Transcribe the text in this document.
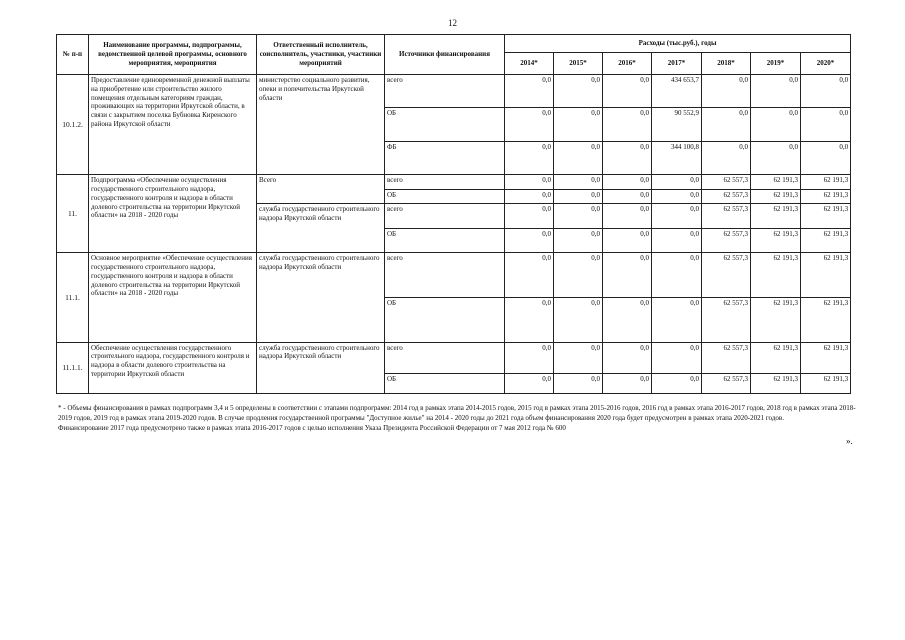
12
№ п-п	Наименование программы, подпрограммы, ведомственной целевой программы, основного мероприятия, мероприятия	Ответственный исполнитель, соисполнитель, участники, участники мероприятий	Источники финансирования	Расходы (тыс.руб.), годы						
				2014*	2015*	2016*	2017*	2018*	2019*	2020*
10.1.2.	Предоставление единовременной денежной выплаты на приобретение или строительство жилого помещения отдельным категориям граждан, проживающих на территории Иркутской области, в связи с закрытием поселка Бубновка Киренского района Иркутской области	министерство социального развития, опеки и попечительства Иркутской области	всего	0,0	0,0	0,0	434 653,7	0,0	0,0	0,0
			ОБ	0,0	0,0	0,0	90 552,9	0,0	0,0	0,0
			ФБ	0,0	0,0	0,0	344 100,8	0,0	0,0	0,0
11.	Подпрограмма «Обеспечение осуществления государственного строительного надзора, государственного контроля и надзора в области долевого строительства на территории Иркутской области» на 2018 - 2020 годы	Всего	всего	0,0	0,0	0,0	0,0	62 557,3	62 191,3	62 191,3
			ОБ	0,0	0,0	0,0	0,0	62 557,3	62 191,3	62 191,3
		служба государственного строительного надзора Иркутской области	всего	0,0	0,0	0,0	0,0	62 557,3	62 191,3	62 191,3
			ОБ	0,0	0,0	0,0	0,0	62 557,3	62 191,3	62 191,3
11.1.	Основное мероприятие «Обеспечение осуществления государственного строительного надзора, государственного контроля и надзора в области долевого строительства на территории Иркутской области» на 2018 - 2020 годы	служба государственного строительного надзора Иркутской области	всего	0,0	0,0	0,0	0,0	62 557,3	62 191,3	62 191,3
			ОБ	0,0	0,0	0,0	0,0	62 557,3	62 191,3	62 191,3
11.1.1.	Обеспечение осуществления государственного строительного надзора, государственного контроля и надзора в области долевого строительства на территории Иркутской области	служба государственного строительного надзора Иркутской области	всего	0,0	0,0	0,0	0,0	62 557,3	62 191,3	62 191,3
			ОБ	0,0	0,0	0,0	0,0	62 557,3	62 191,3	62 191,3

* - Объемы финансирования в рамках подпрограмм 3,4 и 5 определены в соответствии с этапами подпрограмм: 2014 год в рамках этапа 2014-2015 годов, 2015 год в рамках этапа 2015-2016 годов, 2016 год в рамках этапа 2016-2017 годов, 2018 год в рамках этапа 2018-2019 годов, 2019 год в рамках этапа 2019-2020 годов. В случае продления государственной программы "Доступное жилье" на 2014 - 2020 годы до 2021 года объем финансирования 2020 года будет предусмотрен в рамках этапа 2020-2021 годов.

Финансирование 2017 года предусмотрено также в рамках этапа 2016-2017 годов с целью исполнения Указа Президента Российской Федерации от 7 мая 2012 года № 600

».
